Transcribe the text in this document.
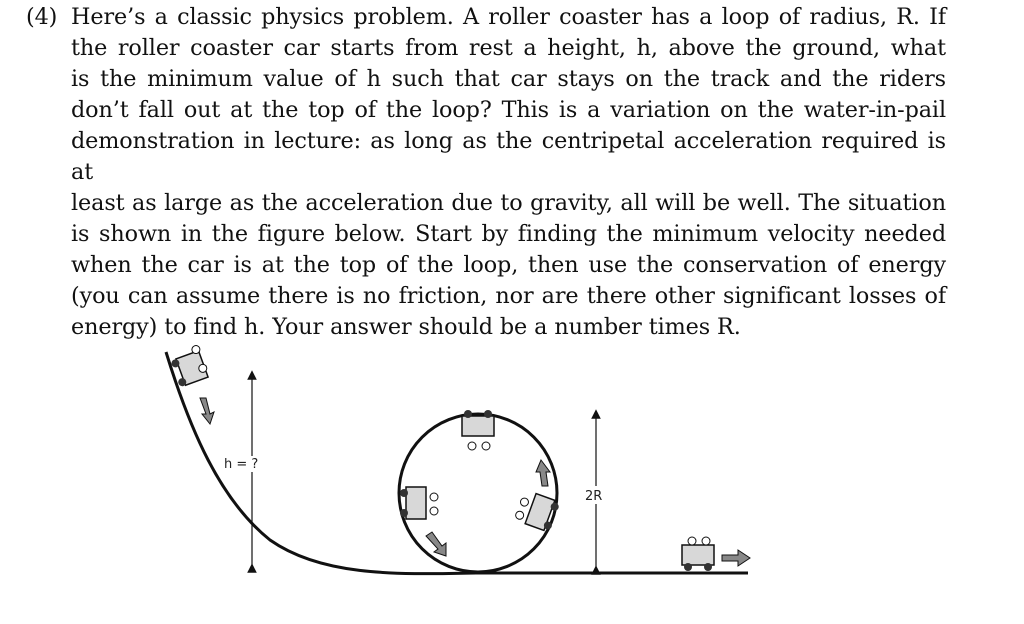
(4) Here’s a classic physics problem. A roller coaster has a loop of radius, R. If
the roller coaster car starts from rest a height, h, above the ground, what
is the minimum value of h such that car stays on the track and the riders
don’t fall out at the top of the loop? This is a variation on the water-in-pail
demonstration in lecture: as long as the centripetal acceleration required is at
least as large as the acceleration due to gravity, all will be well. The situation
is shown in the figure below. Start by finding the minimum velocity needed
when the car is at the top of the loop, then use the conservation of energy
(you can assume there is no friction, nor are there other significant losses of
energy) to find h. Your answer should be a number times R.
h = ?
2R
